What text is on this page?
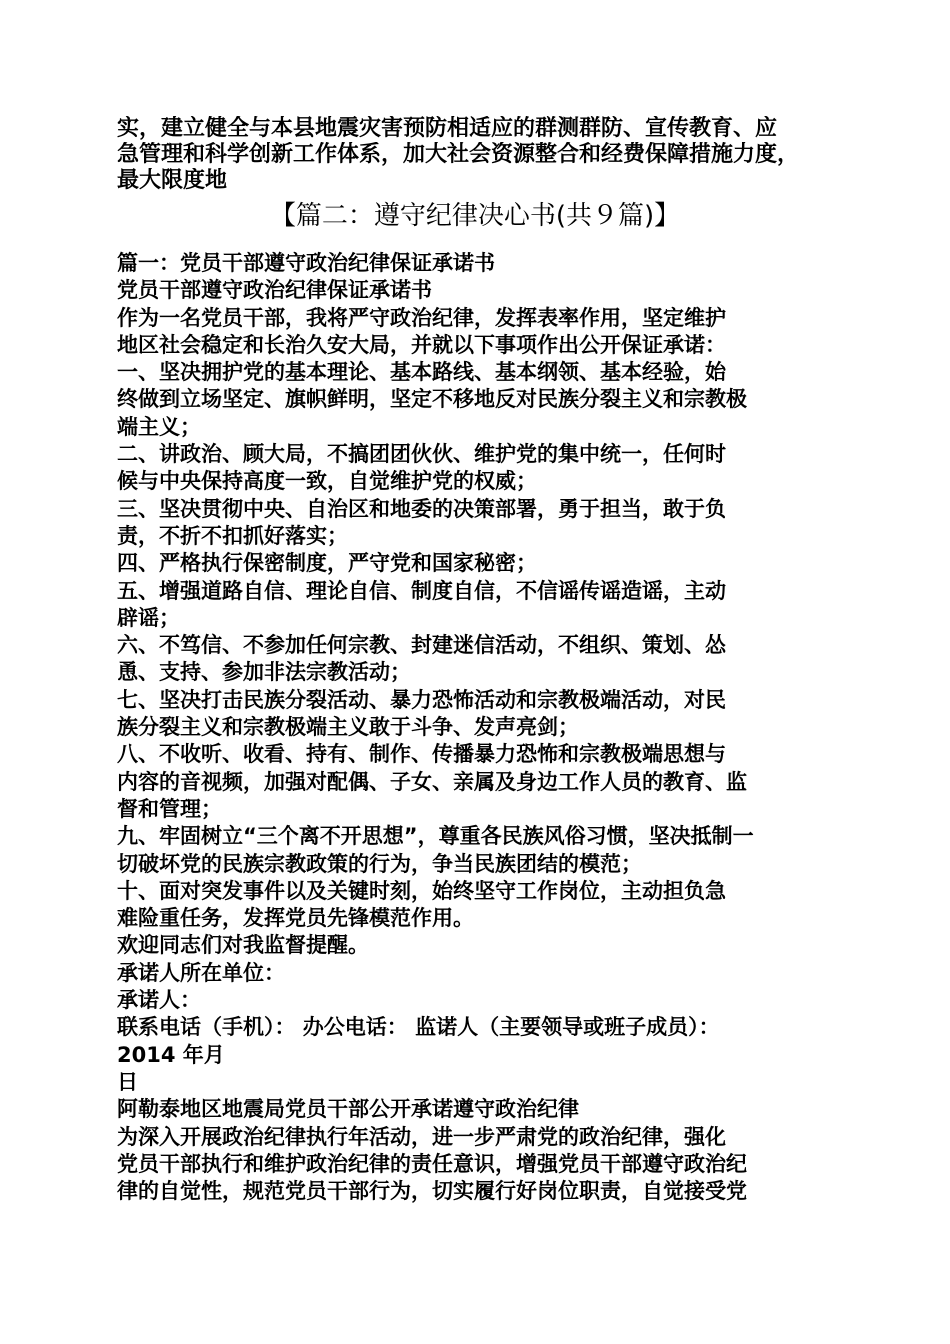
实，建立健全与本县地震灾害预防相适应的群测群防、宣传教育、应
急管理和科学创新工作体系，加大社会资源整合和经费保障措施力度，
最大限度地
【篇二：遵守纪律决心书(共９篇)】
篇一：党员干部遵守政治纪律保证承诺书
党员干部遵守政治纪律保证承诺书
作为一名党员干部，我将严守政治纪律，发挥表率作用，坚定维护
地区社会稳定和长治久安大局，并就以下事项作出公开保证承诺：
一、坚决拥护党的基本理论、基本路线、基本纲领、基本经验，始
终做到立场坚定、旗帜鲜明，坚定不移地反对民族分裂主义和宗教极
端主义；
二、讲政治、顾大局，不搞团团伙伙、维护党的集中统一，任何时
候与中央保持高度一致，自觉维护党的权威；
三、坚决贯彻中央、自治区和地委的决策部署，勇于担当，敢于负
责，不折不扣抓好落实；
四、严格执行保密制度，严守党和国家秘密；
五、增强道路自信、理论自信、制度自信，不信谣传谣造谣，主动
辟谣；
六、不笃信、不参加任何宗教、封建迷信活动，不组织、策划、怂
恿、支持、参加非法宗教活动；
七、坚决打击民族分裂活动、暴力恐怖活动和宗教极端活动，对民
族分裂主义和宗教极端主义敢于斗争、发声亮剑；
八、不收听、收看、持有、制作、传播暴力恐怖和宗教极端思想与
内容的音视频，加强对配偶、子女、亲属及身边工作人员的教育、监
督和管理；
九、牢固树立“三个离不开思想”，尊重各民族风俗习惯，坚决抵制一
切破坏党的民族宗教政策的行为，争当民族团结的模范；
十、面对突发事件以及关键时刻，始终坚守工作岗位，主动担负急
难险重任务，发挥党员先锋模范作用。
欢迎同志们对我监督提醒。
承诺人所在单位：
承诺人：
联系电话（手机）： 办公电话： 监诺人（主要领导或班子成员）：
2014 年月
日
阿勒泰地区地震局党员干部公开承诺遵守政治纪律
为深入开展政治纪律执行年活动，进一步严肃党的政治纪律，强化
党员干部执行和维护政治纪律的责任意识，增强党员干部遵守政治纪
律的自觉性，规范党员干部行为，切实履行好岗位职责，自觉接受党
